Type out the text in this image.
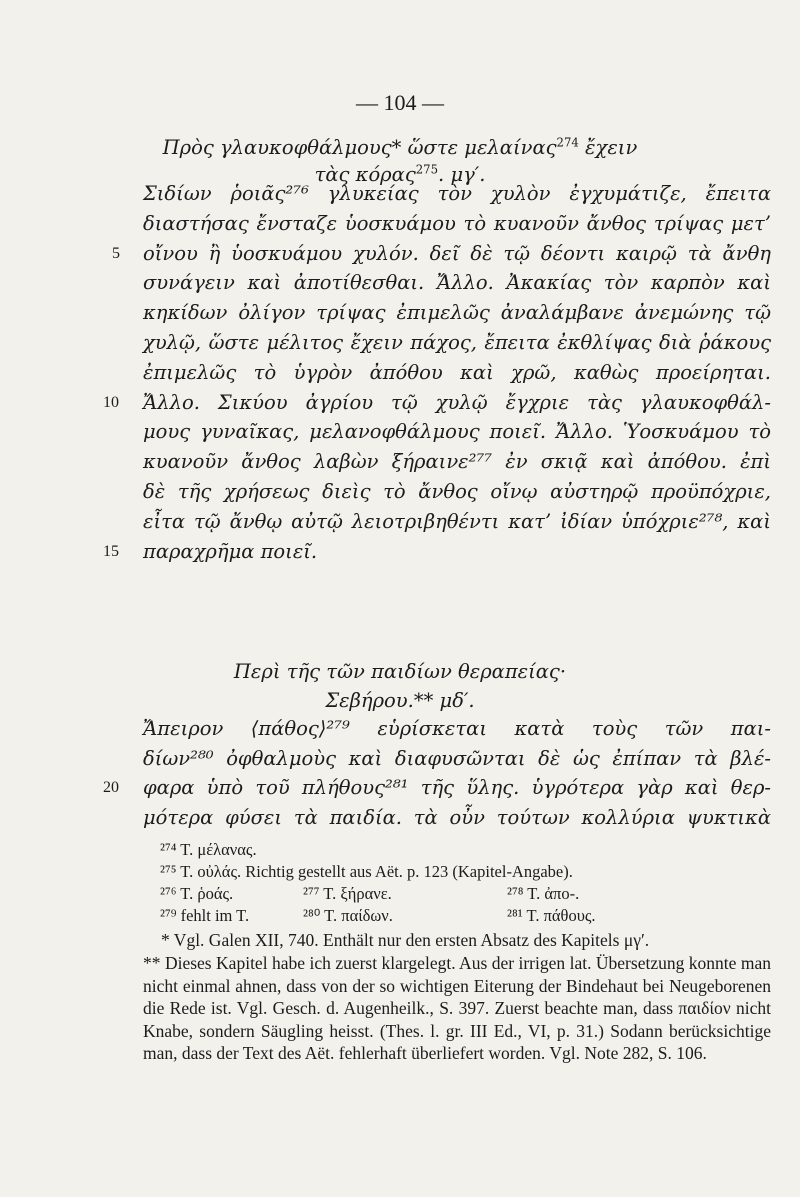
— 104 —
Πρὸς γλαυκοφθάλμους* ὥστε μελαίνας$^{274}$ ἔχειν
τὰς κόρας$^{275}$. μγ′.
Σιδίων ῥοιᾶς²⁷⁶ γλυκείας τὸν χυλὸν ἐγχυμάτιζε, ἔπειτα
διαστήσας ἔνσταζε ὑοσκυάμου τὸ κυανοῦν ἄνθος τρίψας μετ’
5 οἴνου ἢ ὑοσκυάμου χυλόν. δεῖ δὲ τῷ δέοντι καιρῷ τὰ ἄνθη
συνάγειν καὶ ἀποτίθεσθαι. Ἄλλο. Ἀκακίας τὸν καρπὸν καὶ
κηκίδων ὀλίγον τρίψας ἐπιμελῶς ἀναλάμβανε ἀνεμώνης τῷ
χυλῷ, ὥστε μέλιτος ἔχειν πάχος, ἔπειτα ἐκθλίψας διὰ ῥάκους
ἐπιμελῶς τὸ ὑγρὸν ἀπόθου καὶ χρῶ, καθὼς προείρηται.
10 Ἄλλο. Σικύου ἀγρίου τῷ χυλῷ ἔγχριε τὰς γλαυκοφθάλ-
μους γυναῖκας, μελανοφθάλμους ποιεῖ. Ἄλλο. Ὑοσκυάμου τὸ
κυανοῦν ἄνθος λαβὼν ξήραινε²⁷⁷ ἐν σκιᾷ καὶ ἀπόθου. ἐπὶ
δὲ τῆς χρήσεως διεὶς τὸ ἄνθος οἴνῳ αὐστηρῷ προϋπόχριε,
εἶτα τῷ ἄνθῳ αὐτῷ λειοτριβηθέντι κατ’ ἰδίαν ὑπόχριε²⁷⁸, καὶ
15 παραχρῆμα ποιεῖ.
Περὶ τῆς τῶν παιδίων θεραπείας·
Σεβήρου.** μδ′.
Ἄπειρον ⟨πάθος⟩²⁷⁹ εὑρίσκεται κατὰ τοὺς τῶν παι-
δίων²⁸⁰ ὀφθαλμοὺς καὶ διαφυσῶνται δὲ ὡς ἐπίπαν τὰ βλέ-
20 φαρα ὑπὸ τοῦ πλήθους²⁸¹ τῆς ὕλης. ὑγρότερα γὰρ καὶ θερ-
μότερα φύσει τὰ παιδία. τὰ οὖν τούτων κολλύρια ψυκτικὰ
²⁷⁴ T. μέλανας.
²⁷⁵ T. οὐλάς. Richtig gestellt aus Aët. p. 123 (Kapitel-Angabe).
²⁷⁶ T. ῥοάς.	²⁷⁷ T. ξήρανε.	²⁷⁸ T. ἀπο-.
²⁷⁹ fehlt im T.	²⁸⁰ T. παίδων.	²⁸¹ T. πάθους.
* Vgl. Galen XII, 740. Enthält nur den ersten Absatz des Kapitels μγ′.
** Dieses Kapitel habe ich zuerst klargelegt. Aus der irrigen lat. Übersetzung konnte man nicht einmal ahnen, dass von der so wichtigen Eiterung der Bindehaut bei Neugeborenen die Rede ist. Vgl. Gesch. d. Augenheilk., S. 397. Zuerst beachte man, dass παιδίον nicht Knabe, sondern Säugling heisst. (Thes. l. gr. III Ed., VI, p. 31.) Sodann berücksichtige man, dass der Text des Aët. fehlerhaft überliefert worden. Vgl. Note 282, S. 106.
